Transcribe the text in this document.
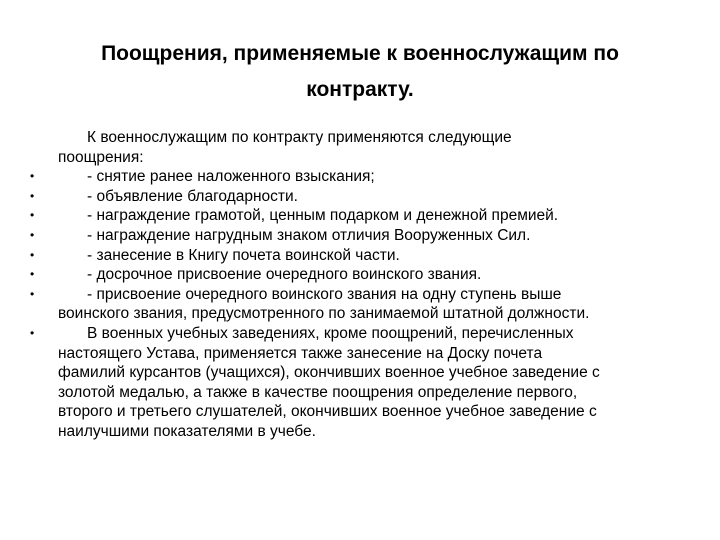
Поощрения, применяемые к военнослужащим по
контракту.
К военнослужащим по контракту применяются следующие
поощрения:
•	- снятие ранее наложенного взыскания;
•	- объявление благодарности.
•	- награждение грамотой, ценным подарком и денежной премией.
•	- награждение нагрудным знаком отличия Вооруженных Сил.
•	- занесение в Книгу почета воинской части.
•	- досрочное присвоение очередного воинского звания.
•	- присвоение очередного воинского звания на одну ступень выше
воинского звания, предусмотренного по занимаемой штатной должности.
•	В военных учебных заведениях, кроме поощрений, перечисленных
настоящего Устава, применяется также занесение на Доску почета
фамилий курсантов (учащихся), окончивших военное учебное заведение с
золотой медалью, а также в качестве поощрения определение первого,
второго и третьего слушателей, окончивших военное учебное заведение с
наилучшими показателями в учебе.
